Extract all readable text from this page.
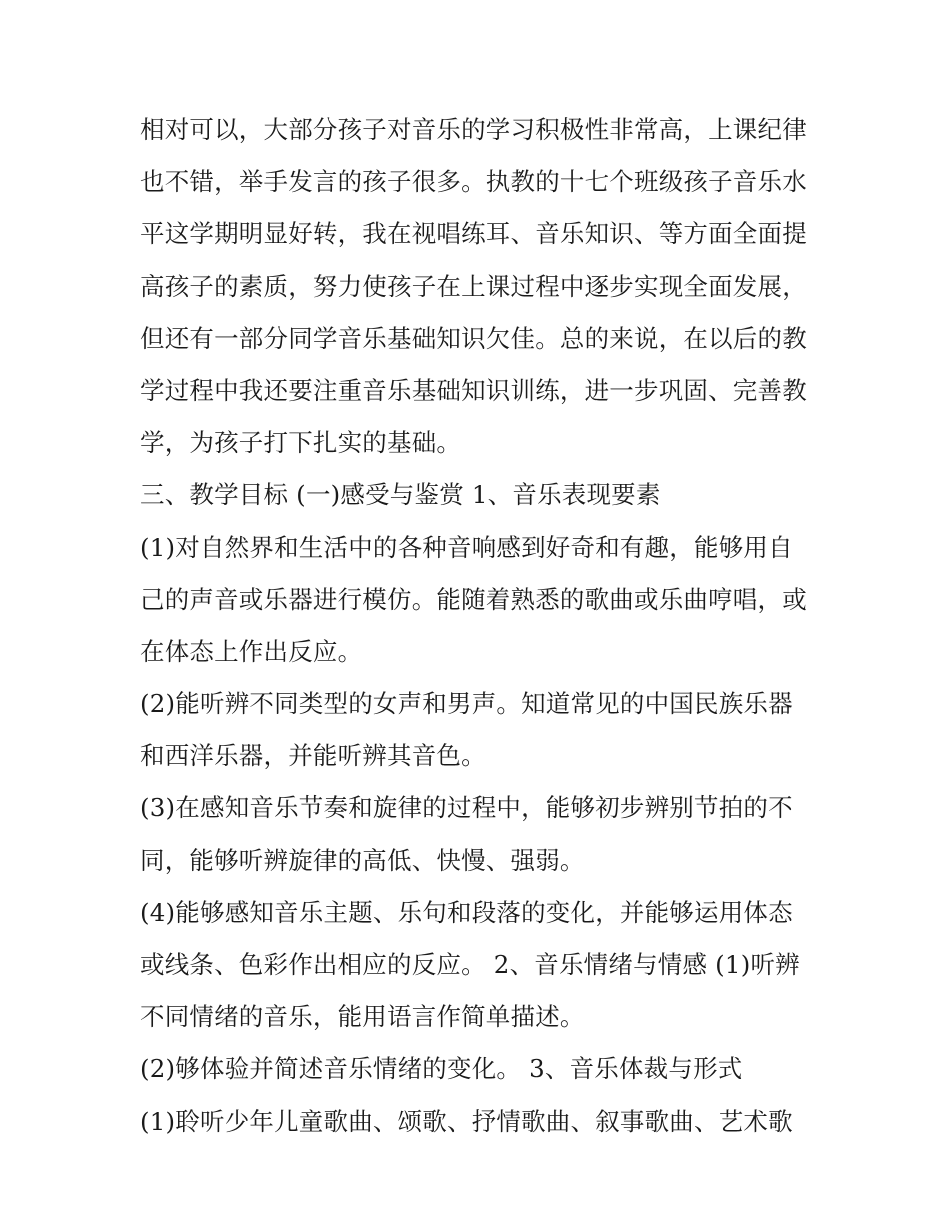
相对可以，大部分孩子对音乐的学习积极性非常高，上课纪律
也不错，举手发言的孩子很多。执教的十七个班级孩子音乐水
平这学期明显好转，我在视唱练耳、音乐知识、等方面全面提
高孩子的素质，努力使孩子在上课过程中逐步实现全面发展，
但还有一部分同学音乐基础知识欠佳。总的来说，在以后的教
学过程中我还要注重音乐基础知识训练，进一步巩固、完善教
学，为孩子打下扎实的基础。
三、教学目标 (一)感受与鉴赏 1、音乐表现要素
(1)对自然界和生活中的各种音响感到好奇和有趣，能够用自
己的声音或乐器进行模仿。能随着熟悉的歌曲或乐曲哼唱，或
在体态上作出反应。
(2)能听辨不同类型的女声和男声。知道常见的中国民族乐器
和西洋乐器，并能听辨其音色。
(3)在感知音乐节奏和旋律的过程中，能够初步辨别节拍的不
同，能够听辨旋律的高低、快慢、强弱。
(4)能够感知音乐主题、乐句和段落的变化，并能够运用体态
或线条、色彩作出相应的反应。 2、音乐情绪与情感 (1)听辨
不同情绪的音乐，能用语言作简单描述。
(2)够体验并简述音乐情绪的变化。 3、音乐体裁与形式
(1)聆听少年儿童歌曲、颂歌、抒情歌曲、叙事歌曲、艺术歌
